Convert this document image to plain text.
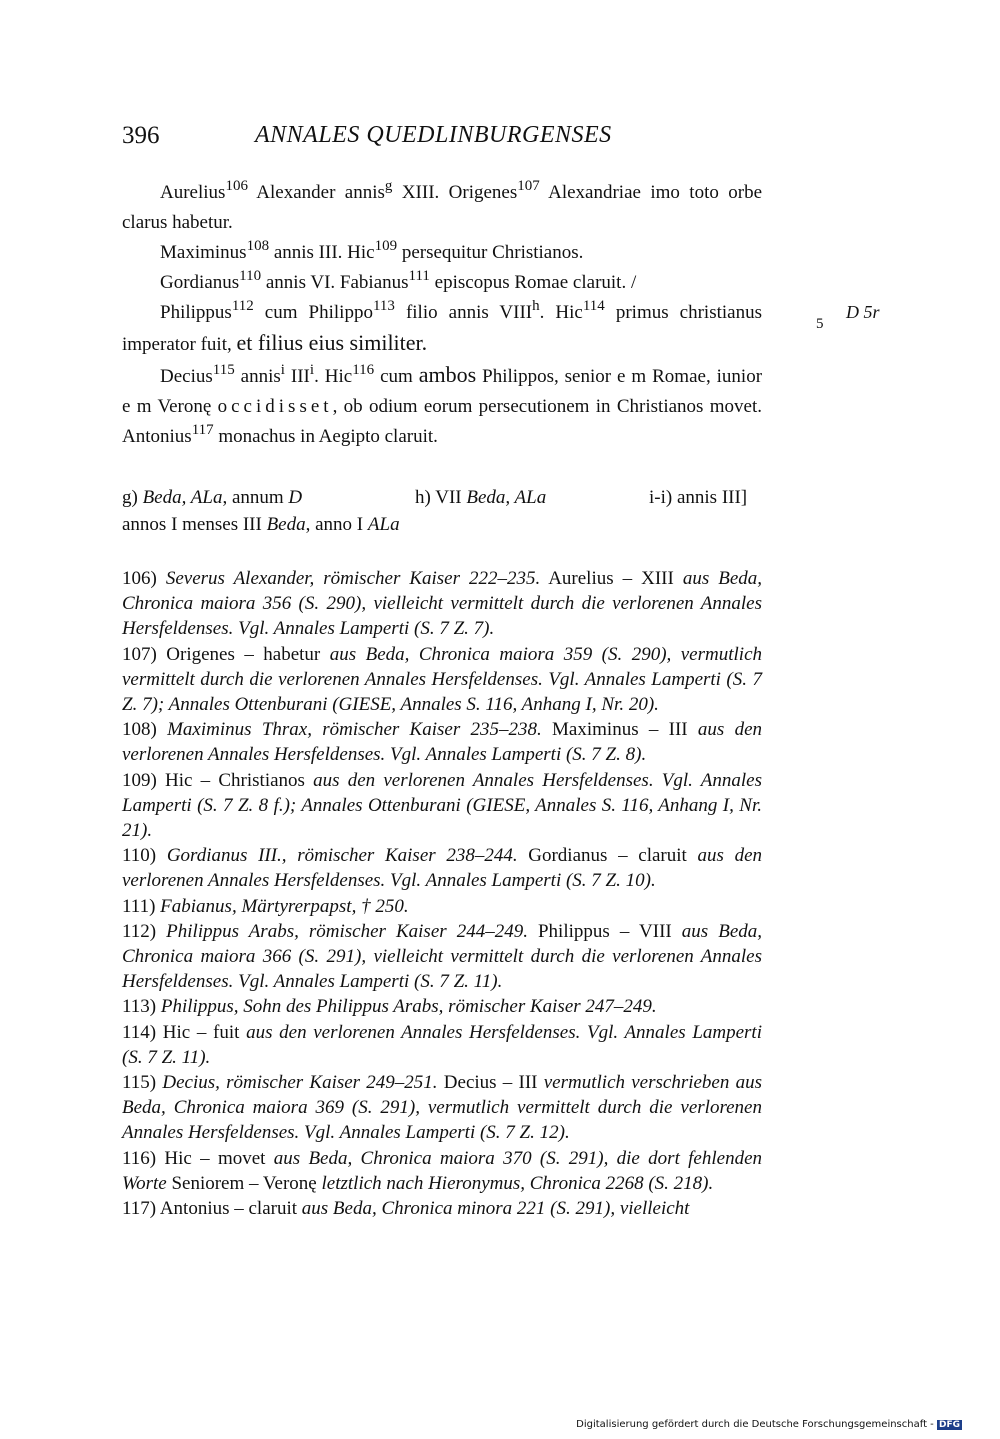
396	ANNALES QUEDLINBURGENSES
5
D 5r

Aurelius$^{106}$ Alexander annis$^g$ XIII. Origenes$^{107}$ Alexandriae imo toto orbe clarus habetur.

Maximinus$^{108}$ annis III. Hic$^{109}$ persequitur Christianos.

Gordianus$^{110}$ annis VI. Fabianus$^{111}$ episcopus Romae claruit. /

Philippus$^{112}$ cum Philippo$^{113}$ filio annis VIII$^h$. Hic$^{114}$ primus christianus imperator fuit, et filius eius similiter.

Decius$^{115}$ annis$^i$ III$^i$. Hic$^{116}$ cum ambos Philippos, senior e m Romae, iunior e m Veronę occidisset, ob odium eorum persecutionem in Christianos movet. Antonius$^{117}$ monachus in Aegipto claruit.

g) Beda, ALa, annum D	h) VII Beda, ALa	i-i) annis III]
annos I menses III Beda, anno I ALa
106) Severus Alexander, römischer Kaiser 222–235. Aurelius – XIII aus Beda, Chronica maiora 356 (S. 290), vielleicht vermittelt durch die verlorenen Annales Hersfeldenses. Vgl. Annales Lamperti (S. 7 Z. 7).
107) Origenes – habetur aus Beda, Chronica maiora 359 (S. 290), vermutlich vermittelt durch die verlorenen Annales Hersfeldenses. Vgl. Annales Lamperti (S. 7 Z. 7); Annales Ottenburani (GIESE, Annales S. 116, Anhang I, Nr. 20).
108) Maximinus Thrax, römischer Kaiser 235–238. Maximinus – III aus den verlorenen Annales Hersfeldenses. Vgl. Annales Lamperti (S. 7 Z. 8).
109) Hic – Christianos aus den verlorenen Annales Hersfeldenses. Vgl. Annales Lamperti (S. 7 Z. 8 f.); Annales Ottenburani (GIESE, Annales S. 116, Anhang I, Nr. 21).
110) Gordianus III., römischer Kaiser 238–244. Gordianus – claruit aus den verlorenen Annales Hersfeldenses. Vgl. Annales Lamperti (S. 7 Z. 10).
111) Fabianus, Märtyrerpapst, † 250.
112) Philippus Arabs, römischer Kaiser 244–249. Philippus – VIII aus Beda, Chronica maiora 366 (S. 291), vielleicht vermittelt durch die verlorenen Annales Hersfeldenses. Vgl. Annales Lamperti (S. 7 Z. 11).
113) Philippus, Sohn des Philippus Arabs, römischer Kaiser 247–249.
114) Hic – fuit aus den verlorenen Annales Hersfeldenses. Vgl. Annales Lamperti (S. 7 Z. 11).
115) Decius, römischer Kaiser 249–251. Decius – III vermutlich verschrieben aus Beda, Chronica maiora 369 (S. 291), vermutlich vermittelt durch die verlorenen Annales Hersfeldenses. Vgl. Annales Lamperti (S. 7 Z. 12).
116) Hic – movet aus Beda, Chronica maiora 370 (S. 291), die dort fehlenden Worte Seniorem – Veronę letztlich nach Hieronymus, Chronica 2268 (S. 218).
117) Antonius – claruit aus Beda, Chronica minora 221 (S. 291), vielleicht
Digitalisierung gefördert durch die Deutsche Forschungsgemeinschaft - DFG
